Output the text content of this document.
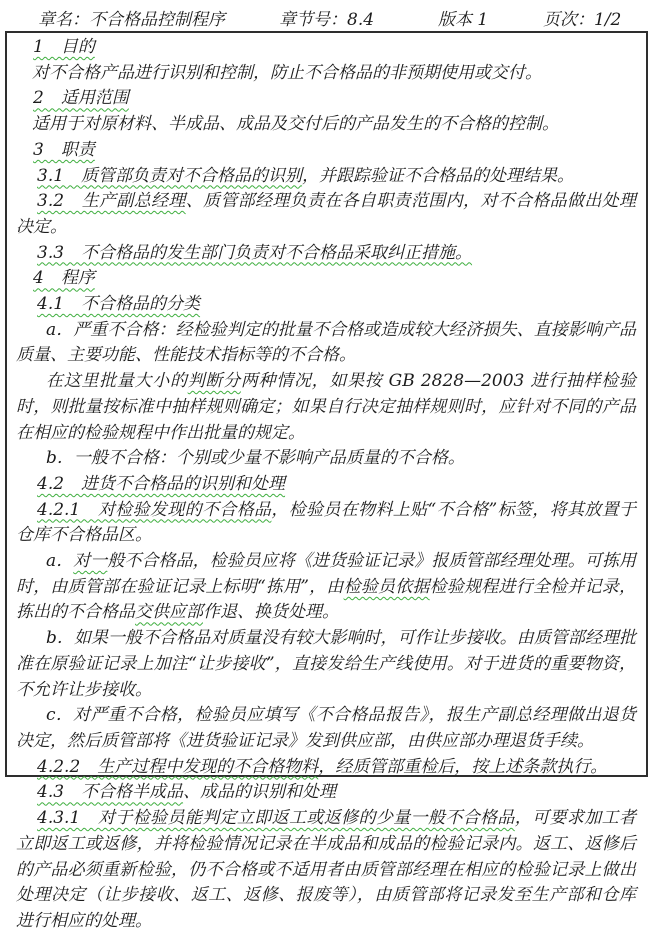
章名：不合格品控制程序	章节号：8.4	版本 1	页次：1/2

1　目的

对不合格产品进行识别和控制，防止不合格品的非预期使用或交付。

2　适用范围

适用于对原材料、半成品、成品及交付后的产品发生的不合格的控制。

3　职责

3.1　质管部负责对不合格品的识别，并跟踪验证不合格品的处理结果。

3.2　生产副总经理、质管部经理负责在各自职责范围内，对不合格品做出处理决定。

3.3　不合格品的发生部门负责对不合格品采取纠正措施。

4　程序

4.1　不合格品的分类

a．严重不合格：经检验判定的批量不合格或造成较大经济损失、直接影响产品质量、主要功能、性能技术指标等的不合格。

在这里批量大小的判断分两种情况，如果按 GB 2828—2003 进行抽样检验时，则批量按标准中抽样规则确定；如果自行决定抽样规则时，应针对不同的产品在相应的检验规程中作出批量的规定。

b．一般不合格：个别或少量不影响产品质量的不合格。

4.2　进货不合格品的识别和处理

4.2.1　对检验发现的不合格品，检验员在物料上贴“不合格”标签，将其放置于仓库不合格品区。

a．对一般不合格品，检验员应将《进货验证记录》报质管部经理处理。可拣用时，由质管部在验证记录上标明“拣用”，由检验员依据检验规程进行全检并记录，拣出的不合格品交供应部作退、换货处理。

b．如果一般不合格品对质量没有较大影响时，可作让步接收。由质管部经理批准在原验证记录上加注“让步接收”，直接发给生产线使用。对于进货的重要物资，不允许让步接收。

c．对严重不合格，检验员应填写《不合格品报告》，报生产副总经理做出退货决定，然后质管部将《进货验证记录》发到供应部，由供应部办理退货手续。

4.2.2　生产过程中发现的不合格物料，经质管部重检后，按上述条款执行。

4.3　不合格半成品、成品的识别和处理

4.3.1　对于检验员能判定立即返工或返修的少量一般不合格品，可要求加工者立即返工或返修，并将检验情况记录在半成品和成品的检验记录内。返工、返修后的产品必须重新检验，仍不合格或不适用者由质管部经理在相应的检验记录上做出处理决定（让步接收、返工、返修、报废等），由质管部将记录发至生产部和仓库进行相应的处理。
